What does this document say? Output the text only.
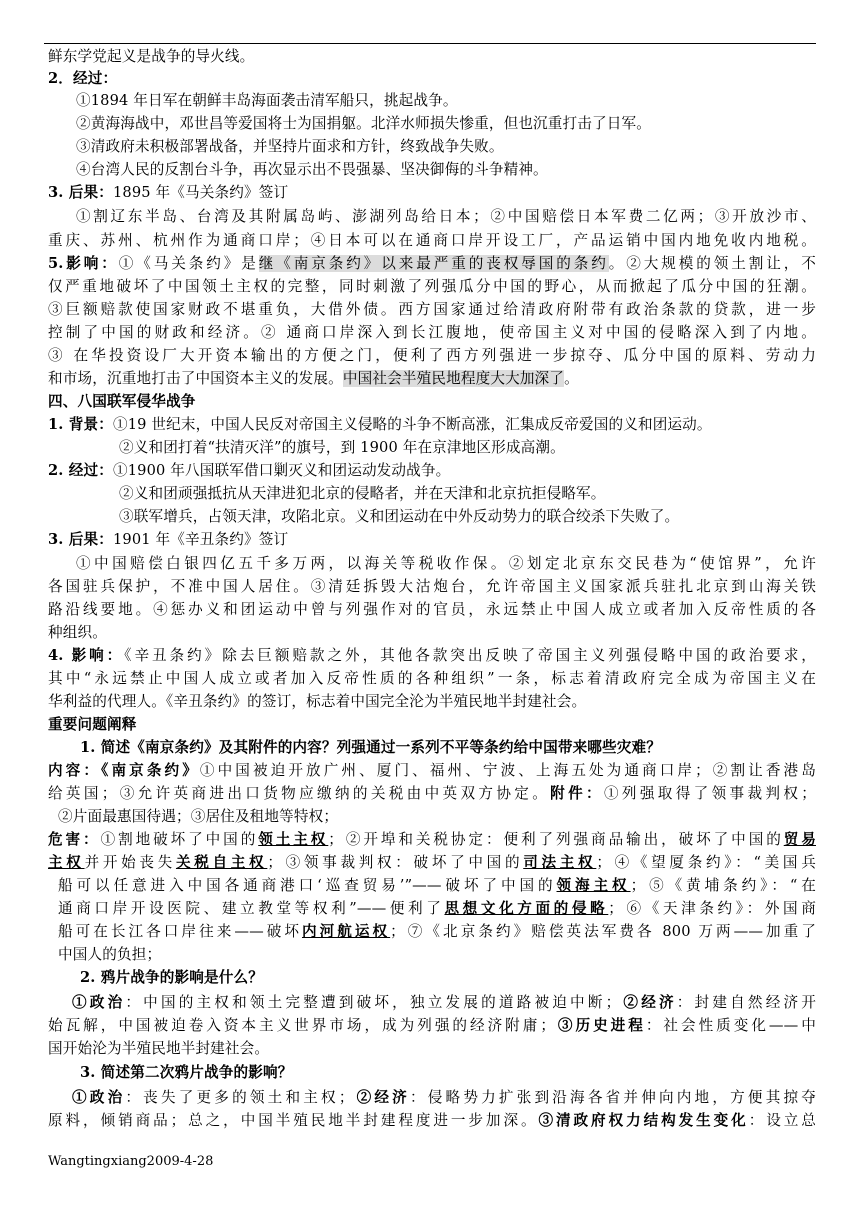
鲜东学党起义是战争的导火线。
2．经过：
①1894 年日军在朝鲜丰岛海面袭击清军船只，挑起战争。
②黄海海战中，邓世昌等爱国将士为国捐躯。北洋水师损失惨重，但也沉重打击了日军。
③清政府未积极部署战备，并坚持片面求和方针，终致战争失败。
④台湾人民的反割台斗争，再次显示出不畏强暴、坚决御侮的斗争精神。
3. 后果：1895 年《马关条约》签订
①割辽东半岛、台湾及其附属岛屿、澎湖列岛给日本；②中国赔偿日本军费二亿两；③开放沙市、
重庆、苏州、杭州作为通商口岸；④日本可以在通商口岸开设工厂，产品运销中国内地免收内地税。
5.影响：①《马关条约》是继《南京条约》以来最严重的丧权辱国的条约。②大规模的领土割让，不
仅严重地破坏了中国领土主权的完整，同时刺激了列强瓜分中国的野心，从而掀起了瓜分中国的狂潮。
③巨额赔款使国家财政不堪重负，大借外债。西方国家通过给清政府附带有政治条款的贷款，进一步
控制了中国的财政和经济。② 通商口岸深入到长江腹地，使帝国主义对中国的侵略深入到了内地。
③ 在华投资设厂大开资本输出的方便之门，便利了西方列强进一步掠夺、瓜分中国的原料、劳动力
和市场，沉重地打击了中国资本主义的发展。中国社会半殖民地程度大大加深了。
四、八国联军侵华战争
1. 背景：①19 世纪末，中国人民反对帝国主义侵略的斗争不断高涨，汇集成反帝爱国的义和团运动。
②义和团打着“扶清灭洋”的旗号，到 1900 年在京津地区形成高潮。
2. 经过：①1900 年八国联军借口剿灭义和团运动发动战争。
②义和团顽强抵抗从天津进犯北京的侵略者，并在天津和北京抗拒侵略军。
③联军增兵，占领天津，攻陷北京。义和团运动在中外反动势力的联合绞杀下失败了。
3. 后果：1901 年《辛丑条约》签订
①中国赔偿白银四亿五千多万两，以海关等税收作保。②划定北京东交民巷为“使馆界”，允许
各国驻兵保护，不准中国人居住。③清廷拆毁大沽炮台，允许帝国主义国家派兵驻扎北京到山海关铁
路沿线要地。④惩办义和团运动中曾与列强作对的官员，永远禁止中国人成立或者加入反帝性质的各
种组织。
4. 影响：《辛丑条约》除去巨额赔款之外，其他各款突出反映了帝国主义列强侵略中国的政治要求，
其中“永远禁止中国人成立或者加入反帝性质的各种组织”一条，标志着清政府完全成为帝国主义在
华利益的代理人。《辛丑条约》的签订，标志着中国完全沦为半殖民地半封建社会。
重要问题阐释
1. 简述《南京条约》及其附件的内容？列强通过一系列不平等条约给中国带来哪些灾难？
内容：《南京条约》①中国被迫开放广州、厦门、福州、宁波、上海五处为通商口岸；②割让香港岛
给英国；③允许英商进出口货物应缴纳的关税由中英双方协定。附件：①列强取得了领事裁判权；
②片面最惠国待遇；③居住及租地等特权；
危害：①割地破坏了中国的领土主权；②开埠和关税协定：便利了列强商品输出，破坏了中国的贸易
主权并开始丧失关税自主权；③领事裁判权：破坏了中国的司法主权；④《望厦条约》：“美国兵
船可以任意进入中国各通商港口‘巡查贸易’”——破坏了中国的领海主权；⑤《黄埔条约》：“在
通商口岸开设医院、建立教堂等权利”——便利了思想文化方面的侵略；⑥《天津条约》：外国商
船可在长江各口岸往来——破坏内河航运权；⑦《北京条约》赔偿英法军费各 800 万两——加重了
中国人的负担；
2. 鸦片战争的影响是什么？
①政治：中国的主权和领土完整遭到破坏，独立发展的道路被迫中断；②经济：封建自然经济开
始瓦解，中国被迫卷入资本主义世界市场，成为列强的经济附庸；③历史进程：社会性质变化——中
国开始沦为半殖民地半封建社会。
3. 简述第二次鸦片战争的影响？
①政治：丧失了更多的领土和主权；②经济：侵略势力扩张到沿海各省并伸向内地，方便其掠夺
原料，倾销商品；总之，中国半殖民地半封建程度进一步加深。③清政府权力结构发生变化：设立总
Wangtingxiang2009-4-28
